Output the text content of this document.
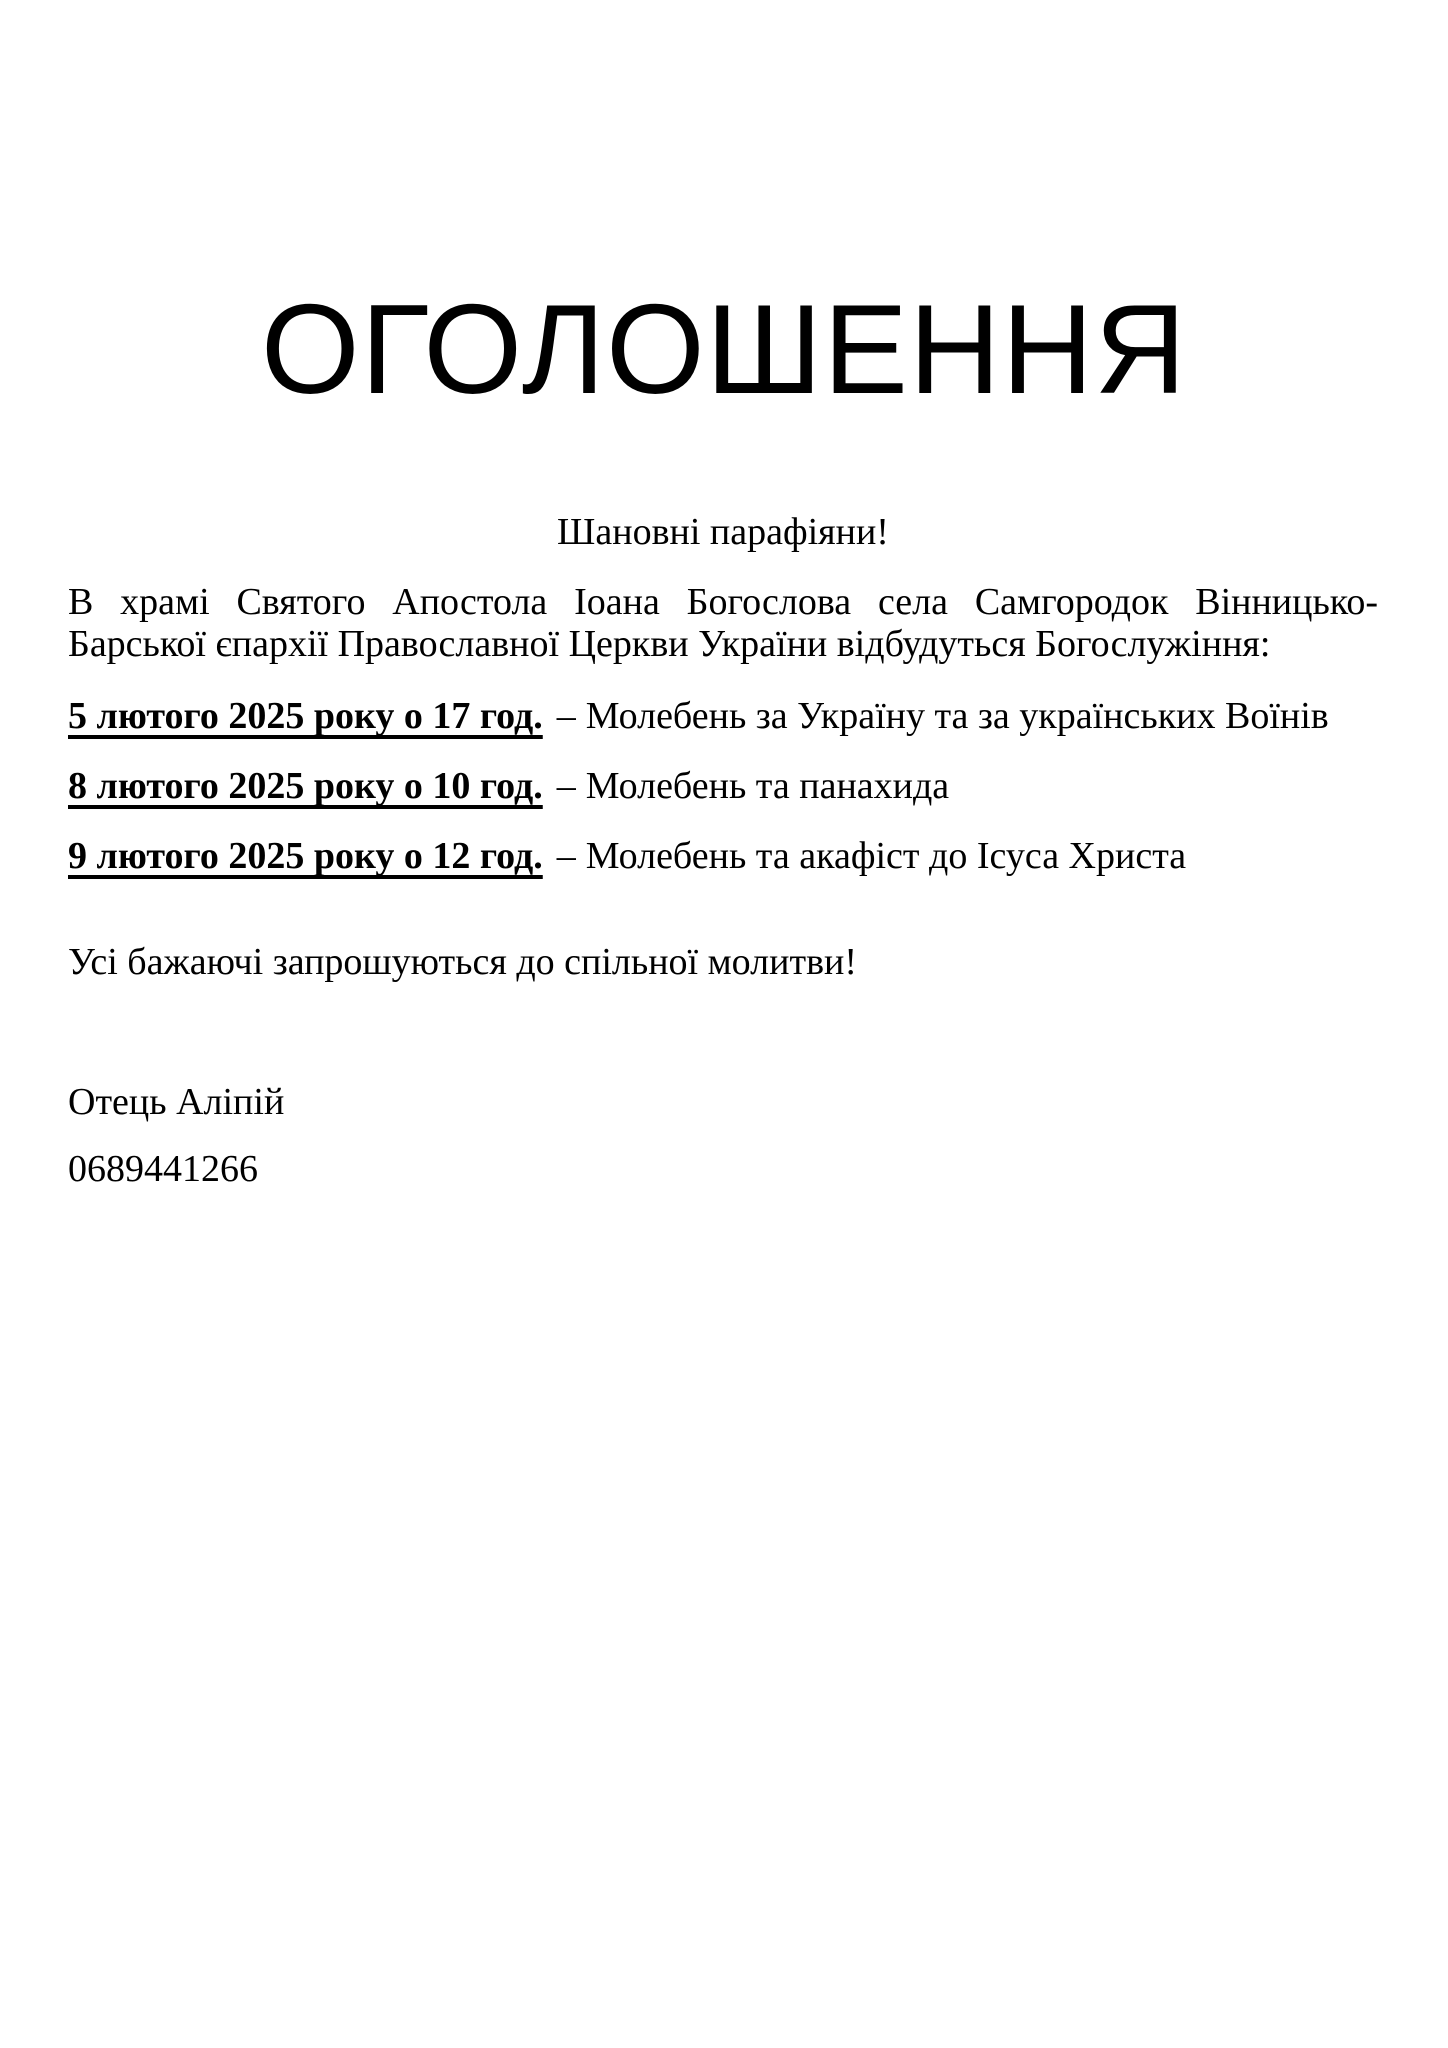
ОГОЛОШЕННЯ
Шановні парафіяни!
В храмі Святого Апостола Іоана Богослова села Самгородок Вінницько-
Барської єпархії Православної Церкви України відбудуться Богослужіння:
5 лютого 2025 року о 17 год. – Молебень за Україну та за українських Воїнів
8 лютого 2025 року о 10 год. – Молебень та панахида
9 лютого 2025 року о 12 год. – Молебень та акафіст до Ісуса Христа
Усі бажаючі запрошуються до спільної молитви!
Отець Аліпій
0689441266
